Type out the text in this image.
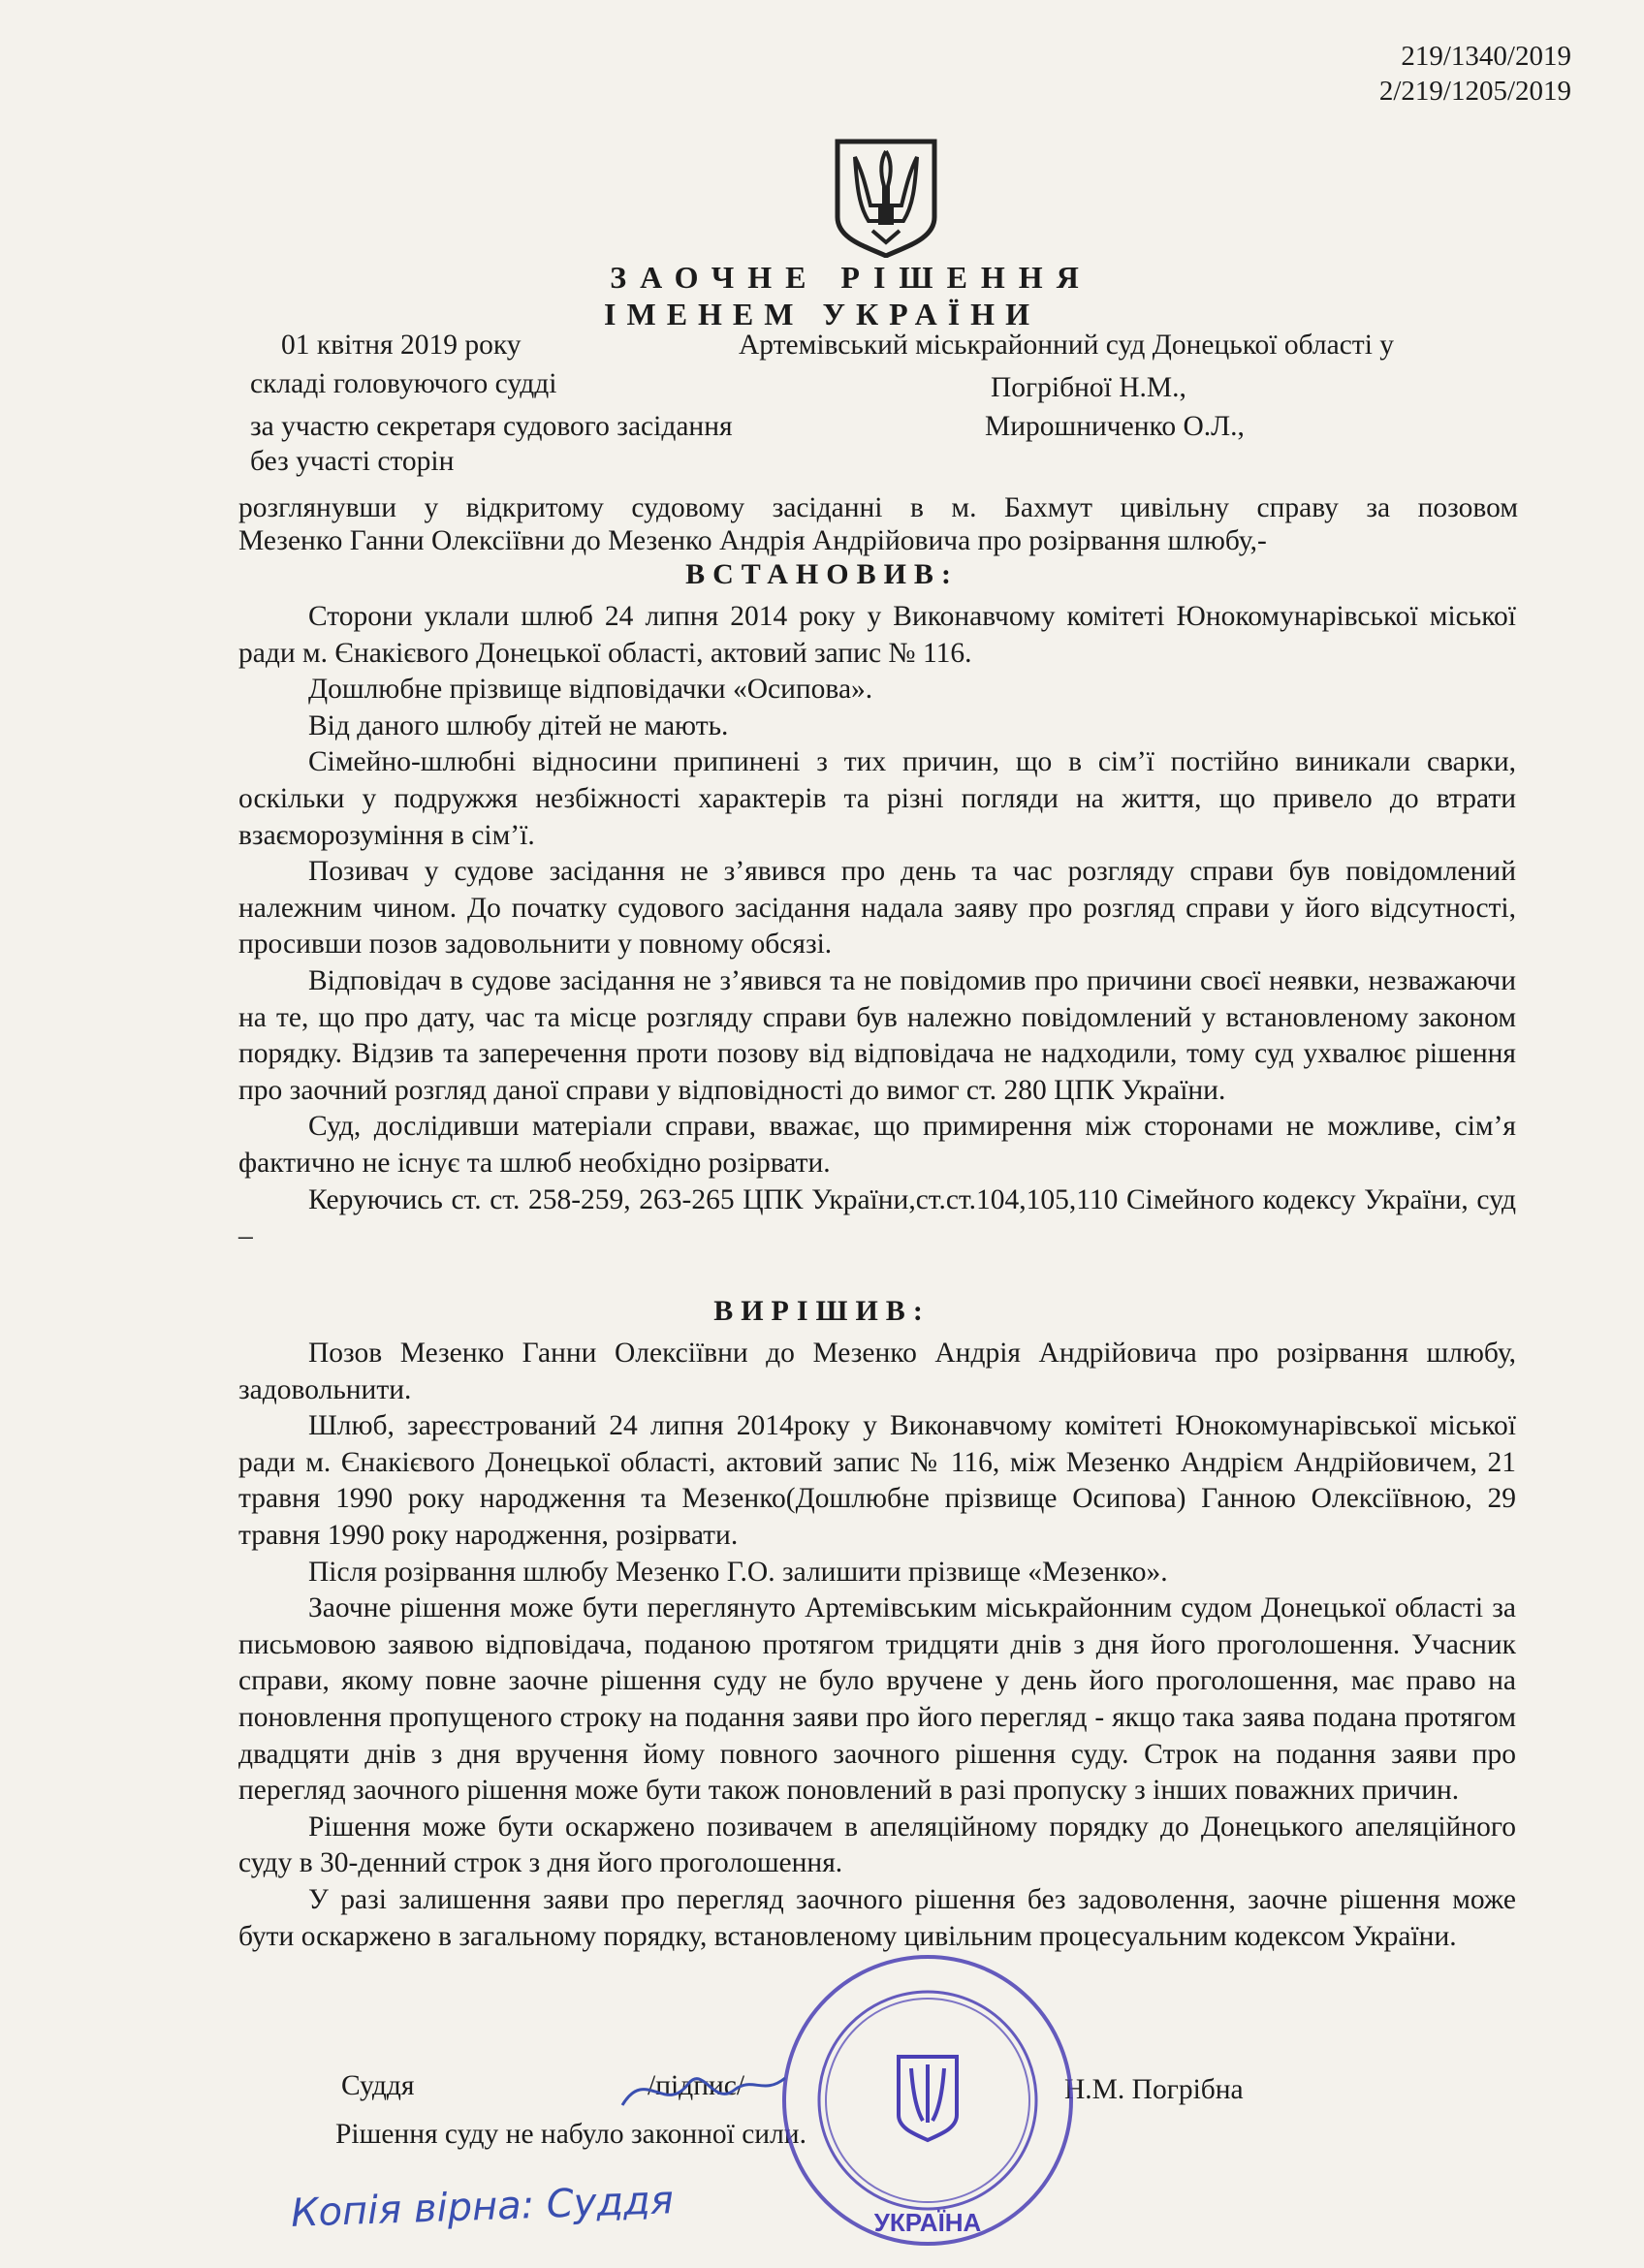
219/1340/2019
2/219/1205/2019
ЗАОЧНЕ РІШЕННЯ
ІМЕНЕМ УКРАЇНИ
01 квітня 2019 року	Артемівський міськрайонний суд Донецької області у
складі головуючого судді	Погрібної Н.М.,
за участю секретаря судового засідання	Мирошниченко О.Л.,
без участі сторін
розглянувши у відкритому судовому засіданні в м. Бахмут цивільну справу за позовом
Мезенко Ганни Олексіївни до Мезенко Андрія Андрійовича про розірвання шлюбу,-
ВСТАНОВИВ:

Сторони уклали шлюб 24 липня 2014 року у Виконавчому комітеті Юнокомунарівської міської ради м. Єнакієвого Донецької області, актовий запис № 116.

Дошлюбне прізвище відповідачки «Осипова».

Від даного шлюбу дітей не мають.

Сімейно-шлюбні відносини припинені з тих причин, що в сім’ї постійно виникали сварки, оскільки у подружжя незбіжності характерів та різні погляди на життя, що привело до втрати взаєморозуміння в сім’ї.

Позивач у судове засідання не з’явився про день та час розгляду справи був повідомлений належним чином. До початку судового засідання надала заяву про розгляд справи у його відсутності, просивши позов задовольнити у повному обсязі.

Відповідач в судове засідання не з’явився та не повідомив про причини своєї неявки, незважаючи на те, що про дату, час та місце розгляду справи був належно повідомлений у встановленому законом порядку. Відзив та заперечення проти позову від відповідача не надходили, тому суд ухвалює рішення про заочний розгляд даної справи у відповідності до вимог ст. 280 ЦПК України.

Суд, дослідивши матеріали справи, вважає, що примирення між сторонами не можливе, сім’я фактично не існує та шлюб необхідно розірвати.

Керуючись ст. ст. 258-259, 263-265 ЦПК України,ст.ст.104,105,110 Сімейного кодексу України, суд –

ВИРІШИВ:

Позов Мезенко Ганни Олексіївни до Мезенко Андрія Андрійовича про розірвання шлюбу, задовольнити.

Шлюб, зареєстрований 24 липня 2014року у Виконавчому комітеті Юнокомунарівської міської ради м. Єнакієвого Донецької області, актовий запис № 116, між Мезенко Андрієм Андрійовичем, 21 травня 1990 року народження та Мезенко(Дошлюбне прізвище Осипова) Ганною Олексіївною, 29 травня 1990 року народження, розірвати.

Після розірвання шлюбу Мезенко Г.О. залишити прізвище «Мезенко».

Заочне рішення може бути переглянуто Артемівським міськрайонним судом Донецької області за письмовою заявою відповідача, поданою протягом тридцяти днів з дня його проголошення. Учасник справи, якому повне заочне рішення суду не було вручене у день його проголошення, має право на поновлення пропущеного строку на подання заяви про його перегляд - якщо така заява подана протягом двадцяти днів з дня вручення йому повного заочного рішення суду. Строк на подання заяви про перегляд заочного рішення може бути також поновлений в разі пропуску з інших поважних причин.

Рішення може бути оскаржено позивачем в апеляційному порядку до Донецького апеляційного суду в 30-денний строк з дня його проголошення.

У разі залишення заяви про перегляд заочного рішення без задоволення, заочне рішення може бути оскаржено в загальному порядку, встановленому цивільним процесуальним кодексом України.

Суддя	/підпис/	Н.М. Погрібна
Рішення суду не набуло законної сили.
Копія вірна: Суддя	УКРАЇНА
